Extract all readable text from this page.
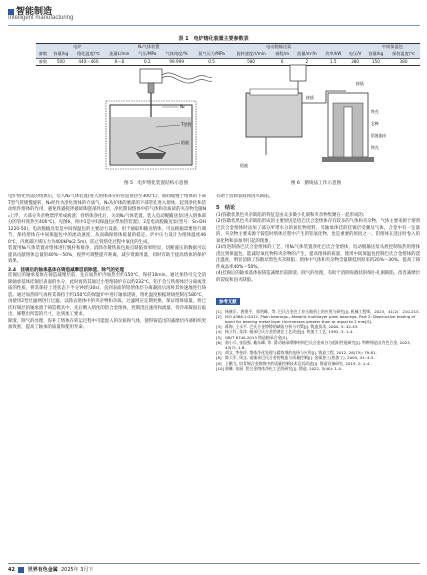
智能制造
Intelligent manufacturing
表 1　电炉熔化装置主要参数表
	电炉		N₂气体装置			电动脱输送泵						中间保温包	
参数	容量/kg	熔化温度/℃	流量L/min	气压/MPa	气体纯度/%	氮气压力/MPa	旋转速度/r/min	扬程/m	流量/m³/h	功率/kW	电压/V	容量/kg	保持温度/℃
参数	500	440～460	6～8	0.2	99.999	0.5	580	6	2	1.5	380	150	380
N₂
T型管
铝液
图 5　电炉熔化装置结构示意图
铝液
接插
接插
铁壳
芯棒
铝液流向
铁壳
图 6　搪铸法工作示意图
电炉熔化所需的熔体后，装入N₂气体装置(进入熔体部分的管道预热至300℃)，期间缓慢于熔体的下部T型气管缓慢旋转，N₂经作为净化熔体的介质气，N₂从炉体的底部的下部管孔进入熔体，起到净化和活动组件熔体的作用，避免铁器搅拌破碎陶瓷部件涂层，净化期间熔体中的气体和杂质碎的夹杂物会随N₂上浮，大部分夹杂物漂浮形成液渣；待熔体净化后，关闭N₂气体装置，装入电动脱输送泵(进入熔体部分的管杆预热至400℃)，见图6，将中1是中间保温包(带加热装置)，2是电动脱输送泵(型号：Sn-DH1220-50)。电动脱输送泵是中间保温包的主要动力设备，用于抽取和输送熔体，可以根据需要进行调节，保持熔体在中间保温包中的流动速度，从而确保熔体质量的稳定。炉中压力设计为熔体温度460℃，内底部区域压力为400kPa(2.5m)，防止铁熔化过程中氧化的生成。
装置用N₂气体装置对熔体进行脱杆和排净，消除杂散铁质包质点缺陷效果明显，切断液压的数据可以提高贡献熔体总量的40%～50%，搅拌可调整提升距离，减少资源用量，同时有助于提高熔体的保护效果。
2.4　挂锡后的轴承基体在铸造减摩层前除渣、除气的处理
挂锡后的轴承基体在铸造减摩层前，先在加热炉内加热至约150℃，保持10min，通过加热可完全消除轴承基体挂锡层表面的水分，此时再将其通过小型熔铸炉在以约232℃，铝不会与铁熔体层分离或变质的性质，将其保持上述状态下半分钟(约30s)，直到表面的铝熔体层分离凝固后再将其快速地进行铸造。通过加热除气再将其保持于约150℃的保温炉中进行轴承浇铸，熔化温度根据现场控制在580℃，再使用2型过滤网进行过滤，以除去熔体中的夹杂物和杂质。过滤网应定期更换，保证熔体质量。将已挂好锡层的轴承置于铸造模具中，先后倒入熔化的铝合金熔体，控制浇注速度和流量，待冷却凝固后取出，修整出所需的尺寸，达到加工要求。
除渣、除气的处理，弥补了熔体在转运过程中可能混入的杂质和气体，使得铸造出的减摩层内部组织更加致密，提高了轴承的质量和使用寿命。
有助于消除裂纹和因夹缺陷。
5　结论
(1)弥散状黑色夹杂缺陷的特征是由众多微小孔洞和夹杂物集聚在一起形成的；
(2)弥散状黑色夹杂缺陷形成的主要原因是铝巴氏合金熔体存有较多的气体和夹杂物，气体主要来源于熔剂巴氏合金熔体时添加了部分所带水分的氧化物原料，另轴承体挂的挂锡层受潮及气体，合金中有一定量的，夹杂物主要来源于铸造时熔体过程中产生的铝氧化物、也是重要的原因之一，铝熔体在浇注时卷入的氧化物和添加剂引起的现象。
(3)改进制备巴氏合金熔体的工艺，用N₂气体装置净化巴氏合金熔体，电动脱输送泵从底控制加热的熔体浇注到保温包，能减轻氧化物和夹杂物的产生，提高熔体的质量，使用中间保温包控制巴氏合金熔体的浇注温度，明显消除了弥散状黑色夹杂缺陷；熔体中气体和夹杂物含量降低到原来的20%～30%，提高了铸件成品率40%～50%。
(4)挂锡后的轴承基体按铸造减摩层前除渣、除气的处理，有助于消除弥散状的细小孔洞缺陷，改善减摩层的裂纹和因夹缺陷。
参考文献
[1] 杨康乐，唐建平，郭剑峰，等. 巴氏合金在工业压缩机上的应用与研究[J]. 机械工程师，2023，41(2)：210-215.
[2] ISO 4386-2:2012. Plain bearings—Metallic multilayer plain bearings. Part 2: Destructive testing of bond for bearing metal layer thicknesses greater than or equal to 2 mm[S].
[3] 蒋海, 王永平. 巴氏合金熔铸的缺陷分析与对策[J]. 铸造技术, 2000, 5: 42-43.
[4] 杨立红, 张涛. 轴承巴氏合金的浇注工艺改进[J]. 热加工工艺, 1992, 3: 1-4.
[5] GB/T 8740-2013 铸造轴承合金[S].
[6] 郭小兵, 张国强, 戴东峰, 等. 滑动轴承摩擦材料巴氏合金成分与组织性能研究[J]. 特种铸造及有色合金, 2023, 43(7): 1-8.
[7] 胡文, 李金玲. 熔体净化处理与精炼剂的选择与应用[J]. 铸造工程, 2012, 28(75): 79-81.
[8] 陈大军, 周文. 谈轴承巴氏合金的铸造与质量控制[J]. 金属加工(热加工), 2005, 41: 4-5.
[9] 王鹏飞. 铅青铜合金熔炼中的质量控制技术及其改进[J]. 铸造设备研究, 2019, 2: 1-4.
[10] 曲琳, 张丽. 铝合金熔体净化工艺的研究[J]. 铸造, 2022, 3(40): 1-4.
42	世界有色金属 2025年 3月下
